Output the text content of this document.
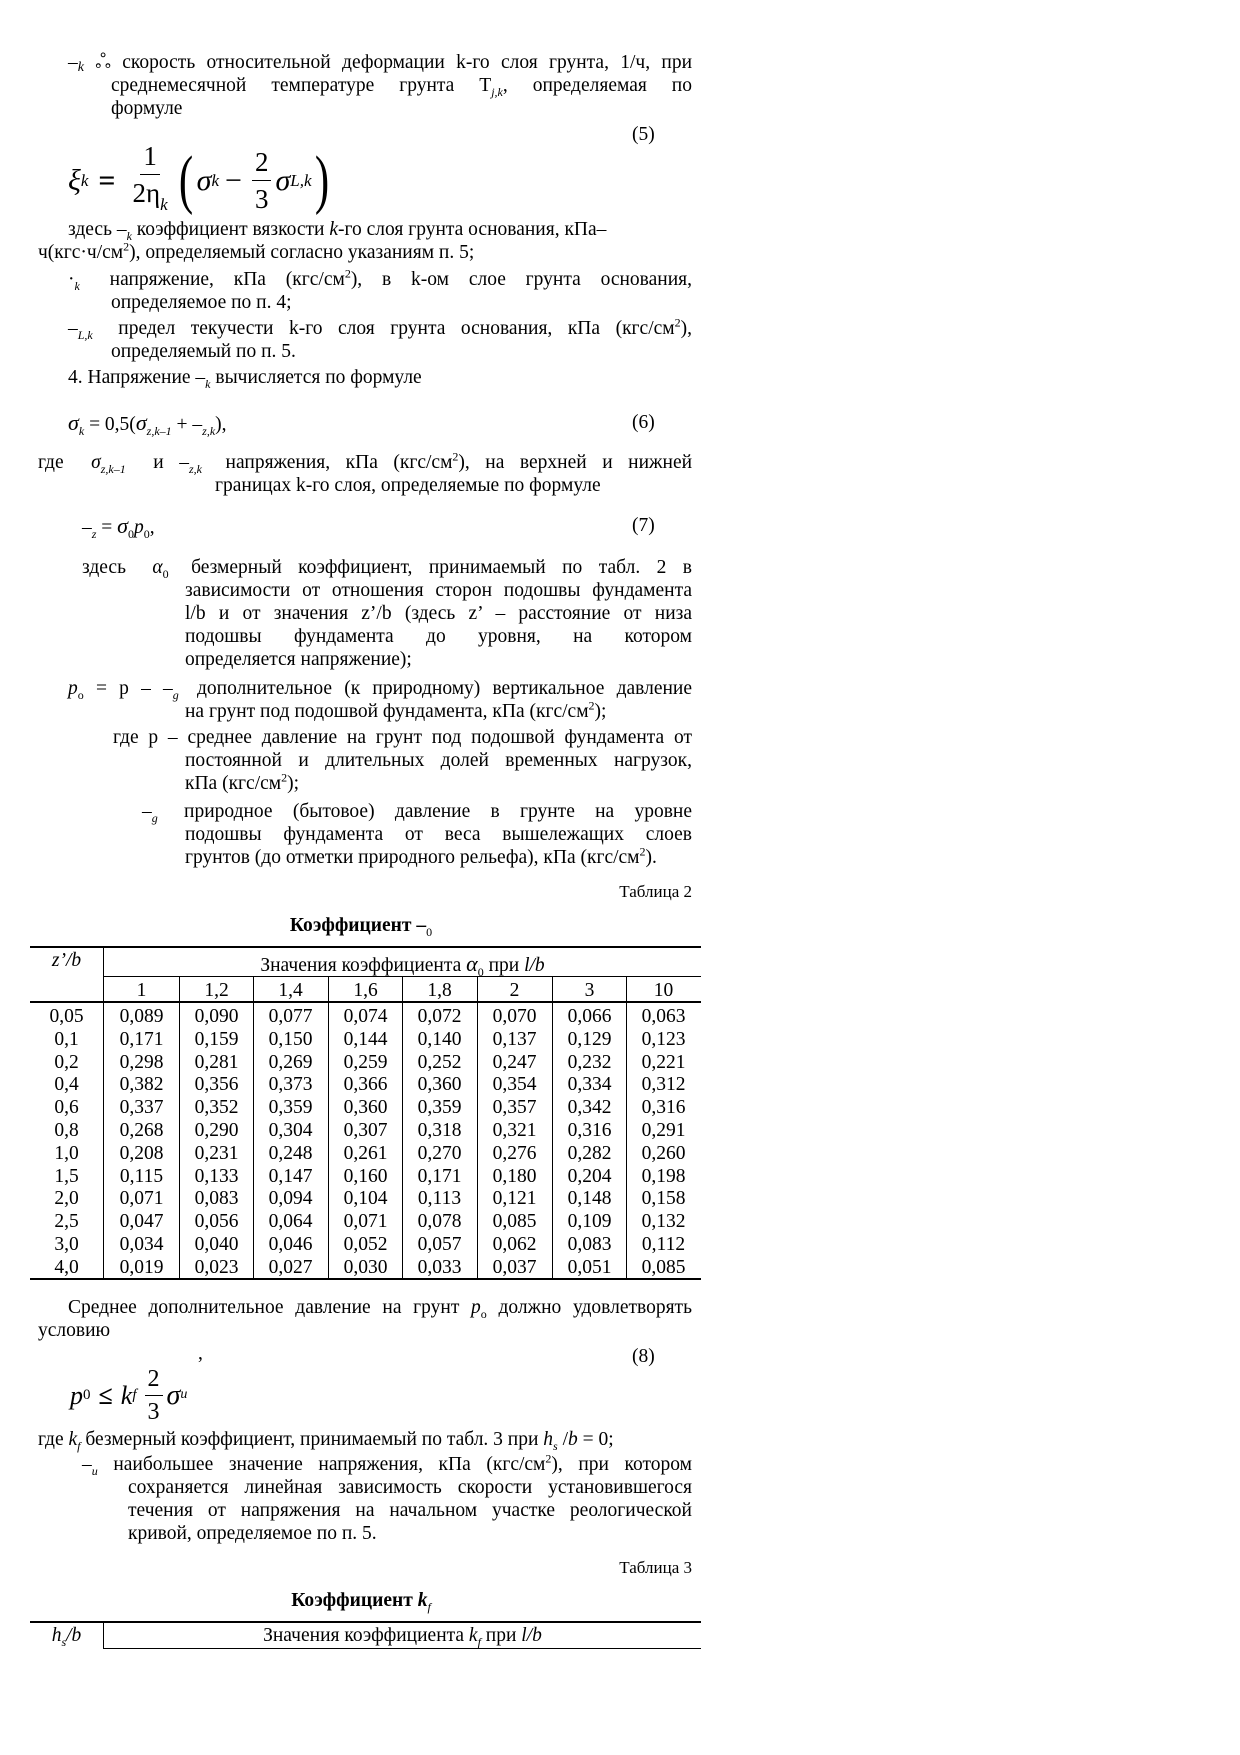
–k ஃ скорость относительной деформации k-го слоя грунта, 1/ч, при
среднемесячной температуре грунта $T_{j,k}$, определяемая по
формуле
(5)
ξ $k = \frac{1}{2\eta_k}$ ( σ $k - \frac{2}{3}$ σ L,k )
здесь $-_k$ коэффициент вязкости k-го слоя грунта основания, кПа–
$ч(кгс\cdot ч/см^2)$, определяемый согласно указаниям п. 5;
$\cdot_k$ напряжение, кПа $(кгс/см^2)$, в k-ом слое грунта основания,
определяемое по п. 4;
$-_{L,k}$ предел текучести k-го слоя грунта основания, кПа $(кгс/см^2)$,
определяемый по п. 5.
4. Напряжение $-_k$ вычисляется по формуле
$\sigma_k = 0,5(\sigma_{z,k-1} + -_{z,k})$,	(6)
где $\sigma_{z,k-1}$ и $-_{z,k}$ напряжения, кПа $(кгс/см^2)$, на верхней и нижней
границах k-го слоя, определяемые по формуле
$-_z = \sigma_0p_0$,	(7)
здесь $\alpha_0$ безмерный коэффициент, принимаемый по табл. 2 в
зависимости от отношения сторон подошвы фундамента
l/b и от значения z’/b (здесь z’ – расстояние от низа
подошвы фундамента до уровня, на котором
определяется напряжение);
$p_o = p - -_g$ дополнительное (к природному) вертикальное давление
на грунт под подошвой фундамента, кПа $(кгс/см^2)$;
где p – среднее давление на грунт под подошвой фундамента от
постоянной и длительных долей временных нагрузок,
кПа $(кгс/см^2)$;
$-_g$ природное (бытовое) давление в грунте на уровне
подошвы фундамента от веса вышележащих слоев
грунтов (до отметки природного рельефа), кПа $(кгс/см^2)$.
Таблица 2
Коэффициент $-_0$
z’/b	Значения коэффициента $\alpha_0$ при l/b
1	1,2	1,4	1,6	1,8	2	3	10
0,05	0,089	0,090	0,077	0,074	0,072	0,070	0,066	0,063
0,1	0,171	0,159	0,150	0,144	0,140	0,137	0,129	0,123
0,2	0,298	0,281	0,269	0,259	0,252	0,247	0,232	0,221
0,4	0,382	0,356	0,373	0,366	0,360	0,354	0,334	0,312
0,6	0,337	0,352	0,359	0,360	0,359	0,357	0,342	0,316
0,8	0,268	0,290	0,304	0,307	0,318	0,321	0,316	0,291
1,0	0,208	0,231	0,248	0,261	0,270	0,276	0,282	0,260
1,5	0,115	0,133	0,147	0,160	0,171	0,180	0,204	0,198
2,0	0,071	0,083	0,094	0,104	0,113	0,121	0,148	0,158
2,5	0,047	0,056	0,064	0,071	0,078	0,085	0,109	0,132
3,0	0,034	0,040	0,046	0,052	0,057	0,062	0,083	0,112
4,0	0,019	0,023	0,027	0,030	0,033	0,037	0,051	0,085
Среднее дополнительное давление на грунт $p_o$ должно удовлетворять
условию
,	(8)
p 0 ≤ k f $\frac{2}{3}$ σ u
где $k_f$ безмерный коэффициент, принимаемый по табл. 3 при $h_s$ /b = 0;
$-_u$ наибольшее значение напряжения, кПа $(кгс/см^2)$, при котором
сохраняется линейная зависимость скорости установившегося
течения от напряжения на начальном участке реологической
кривой, определяемое по п. 5.
Таблица 3
Коэффициент $k_f$
$h_s/b$	Значения коэффициента $k_f$ при l/b
